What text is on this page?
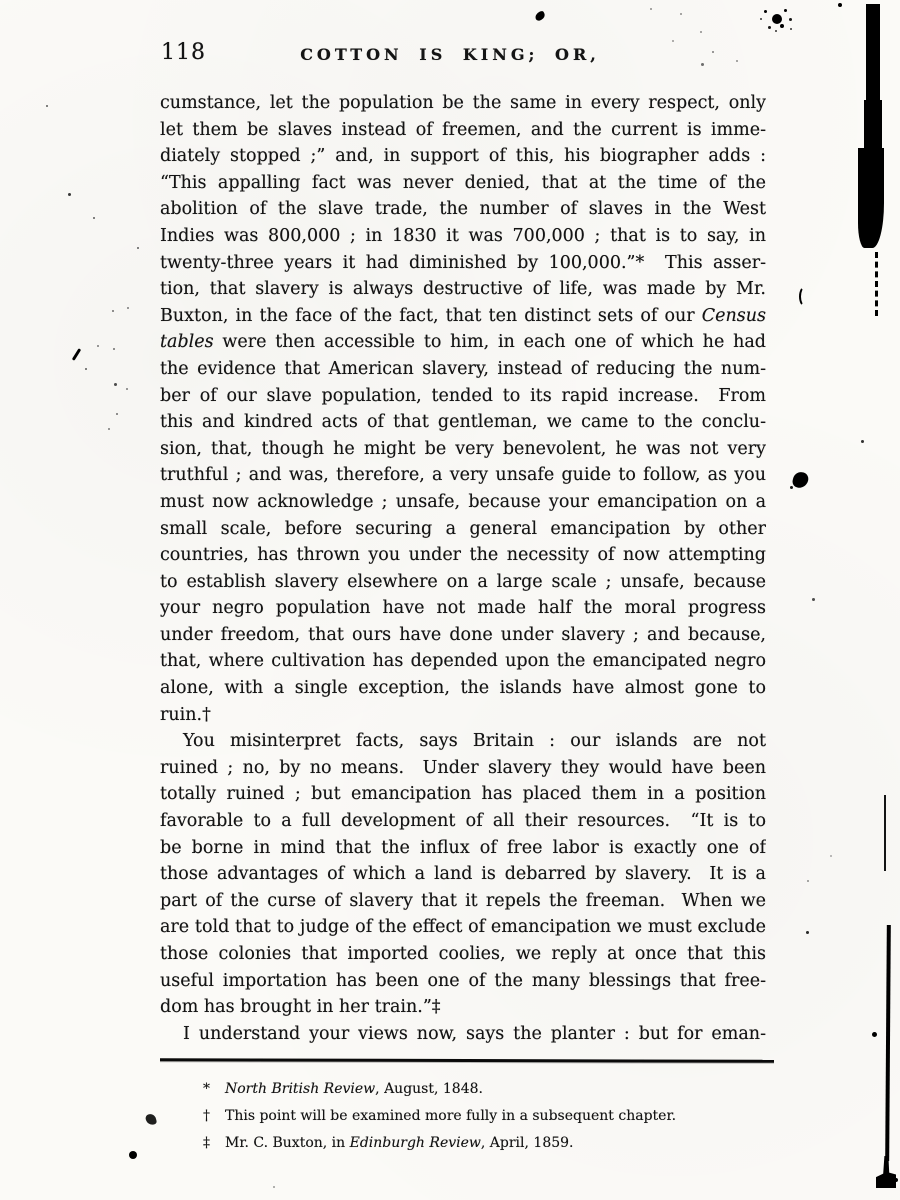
118	COTTON IS KING; OR,
cumstance, let the population be the same in every respect, only
let them be slaves instead of freemen, and the current is imme-
diately stopped ;” and, in support of this, his biographer adds :
“This appalling fact was never denied, that at the time of the
abolition of the slave trade, the number of slaves in the West
Indies was 800,000 ; in 1830 it was 700,000 ; that is to say, in
twenty-three years it had diminished by 100,000.”*  This asser-
tion, that slavery is always destructive of life, was made by Mr.
Buxton, in the face of the fact, that ten distinct sets of our Census
tables were then accessible to him, in each one of which he had
the evidence that American slavery, instead of reducing the num-
ber of our slave population, tended to its rapid increase.  From
this and kindred acts of that gentleman, we came to the conclu-
sion, that, though he might be very benevolent, he was not very
truthful ; and was, therefore, a very unsafe guide to follow, as you
must now acknowledge ; unsafe, because your emancipation on a
small scale, before securing a general emancipation by other
countries, has thrown you under the necessity of now attempting
to establish slavery elsewhere on a large scale ; unsafe, because
your negro population have not made half the moral progress
under freedom, that ours have done under slavery ; and because,
that, where cultivation has depended upon the emancipated negro
alone, with a single exception, the islands have almost gone to
ruin.†
You misinterpret facts, says Britain : our islands are not
ruined ; no, by no means.  Under slavery they would have been
totally ruined ; but emancipation has placed them in a position
favorable to a full development of all their resources.  “It is to
be borne in mind that the influx of free labor is exactly one of
those advantages of which a land is debarred by slavery.  It is a
part of the curse of slavery that it repels the freeman.  When we
are told that to judge of the effect of emancipation we must exclude
those colonies that imported coolies, we reply at once that this
useful importation has been one of the many blessings that free-
dom has brought in her train.”‡
I understand your views now, says the planter : but for eman-
* North British Review, August, 1848.
† This point will be examined more fully in a subsequent chapter.
‡ Mr. C. Buxton, in Edinburgh Review, April, 1859.
